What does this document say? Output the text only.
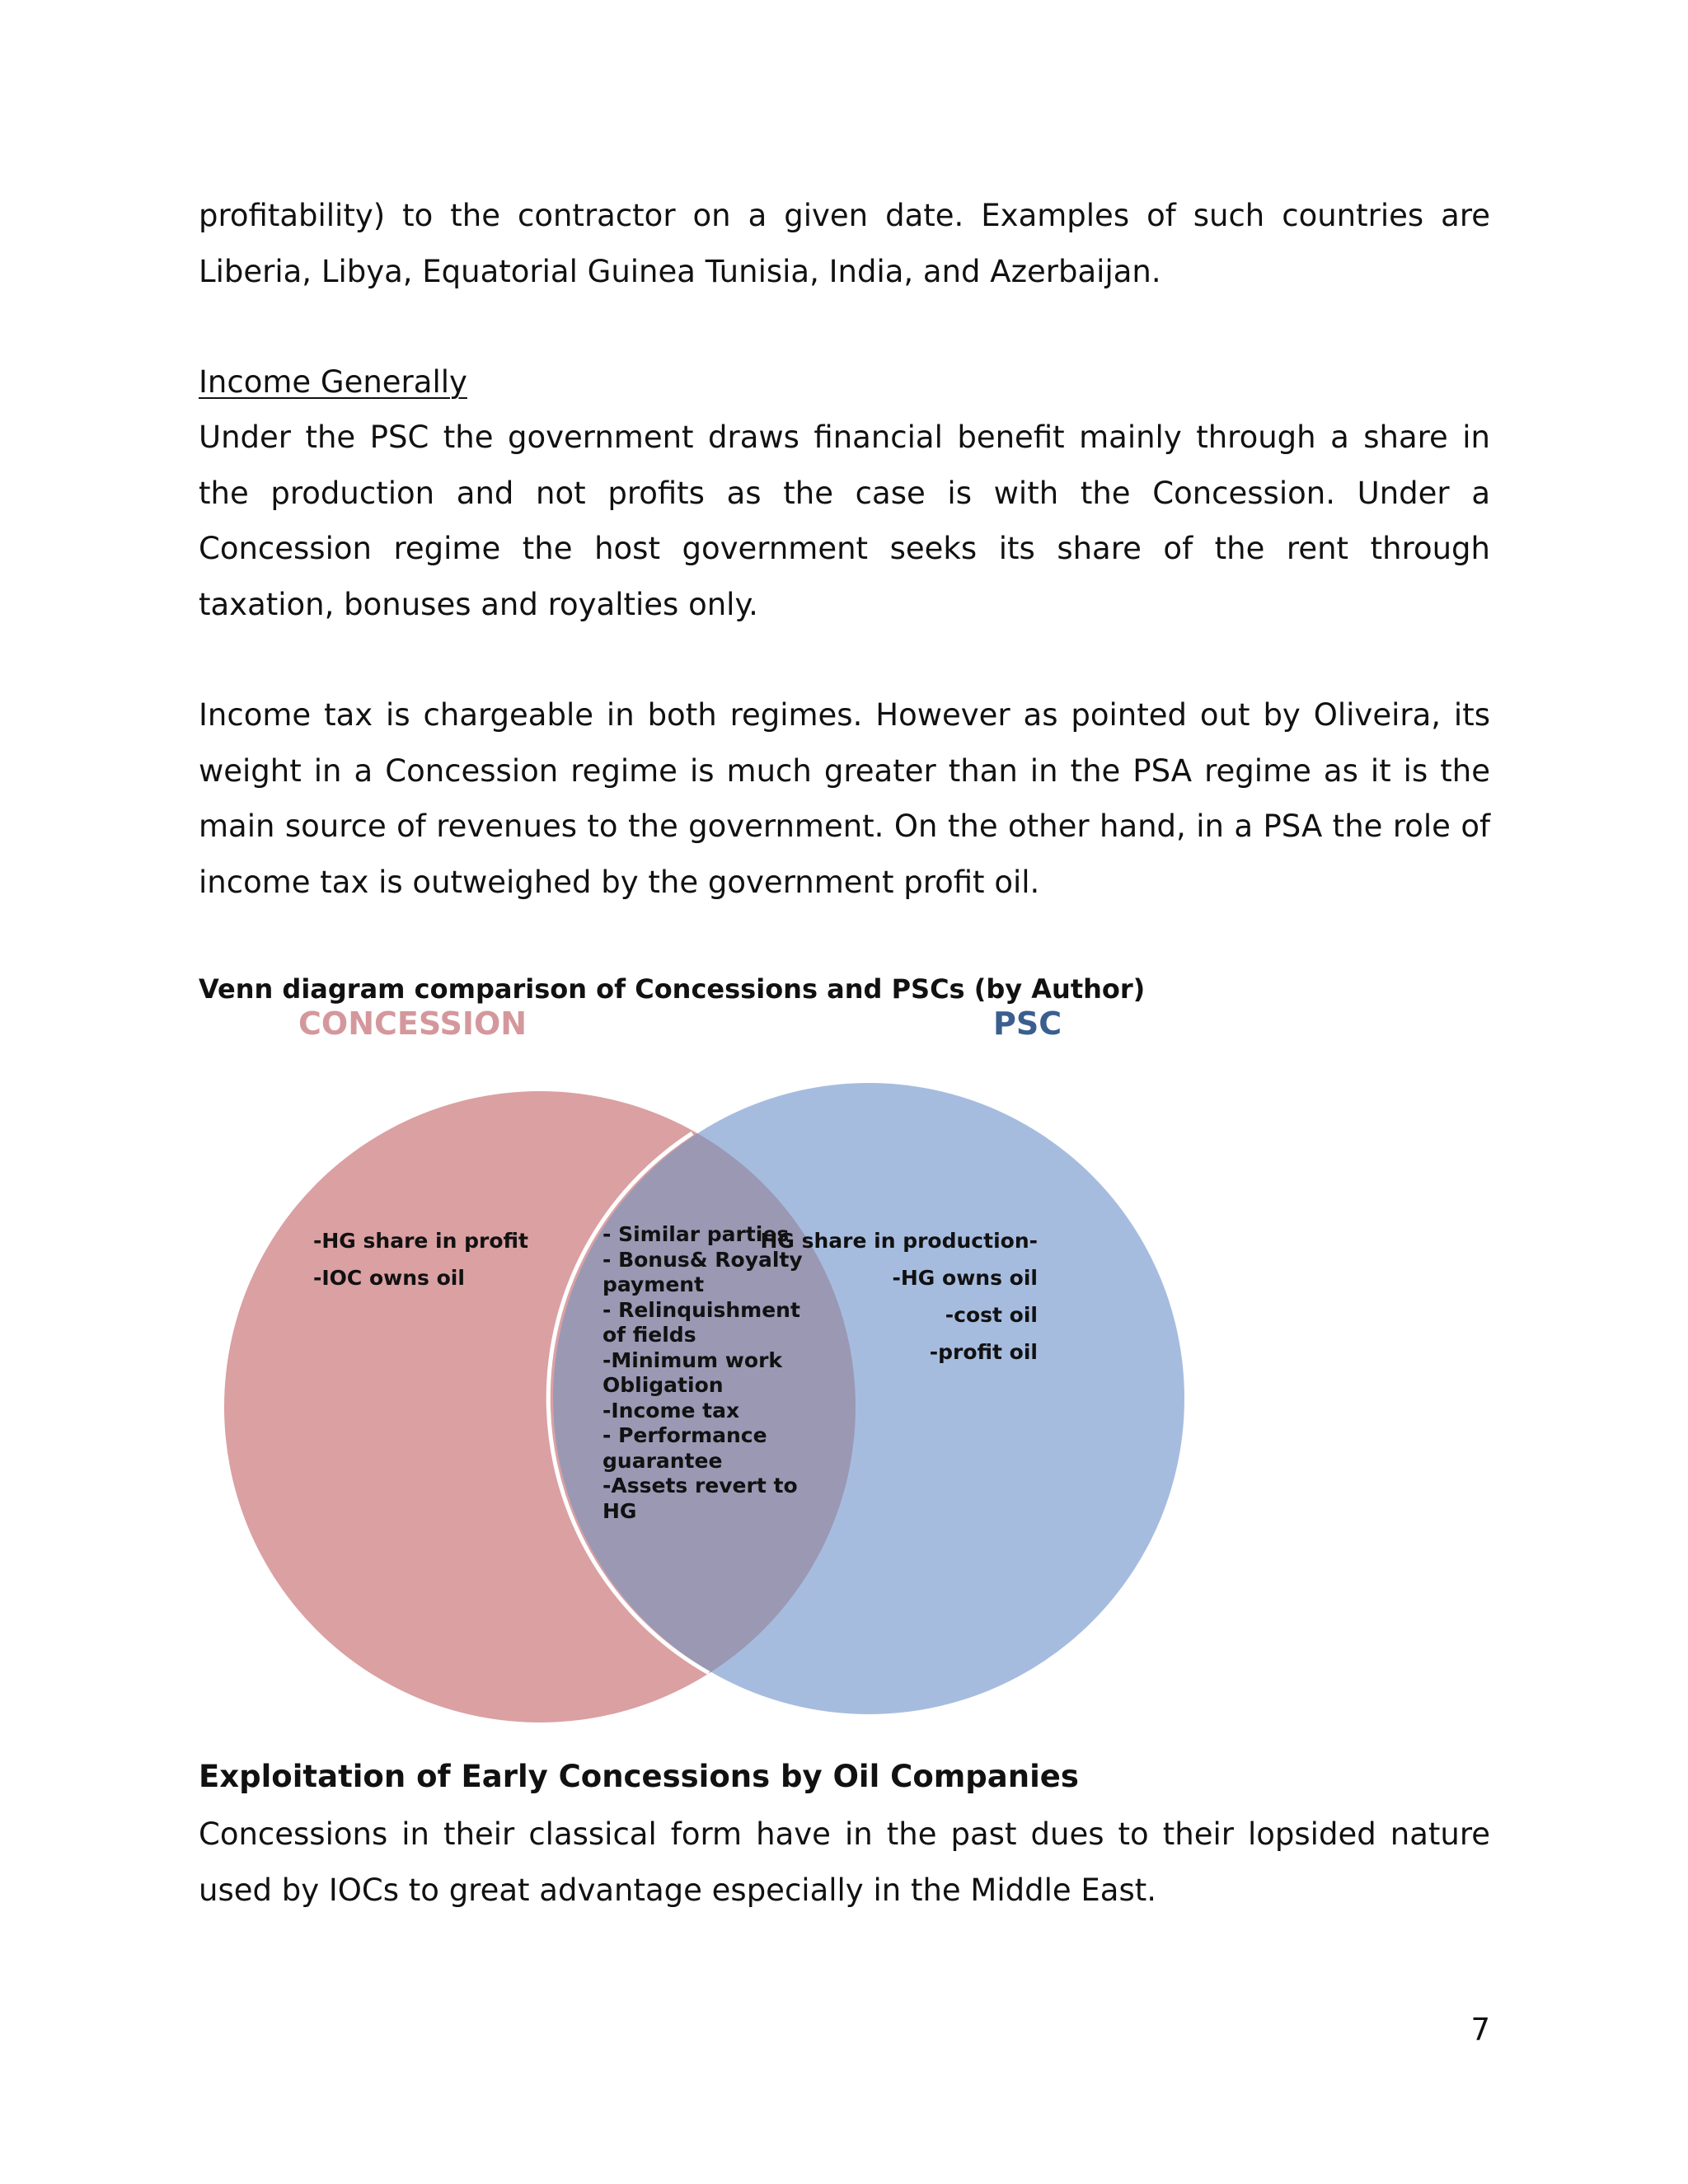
profitability) to the contractor on a given date. Examples of such countries are Liberia, Libya, Equatorial Guinea Tunisia, India, and Azerbaijan.

Income Generally

Under the PSC the government draws financial benefit mainly through a share in the production and not profits as the case is with the Concession. Under a Concession regime the host government seeks its share of the rent through taxation, bonuses and royalties only.

Income tax is chargeable in both regimes. However as pointed out by Oliveira, its weight in a Concession regime is much greater than in the PSA regime as it is the main source of revenues to the government. On the other hand, in a PSA the role of income tax is outweighed by the government profit oil.

Venn diagram comparison of Concessions and PSCs (by Author)
CONCESSION	PSC
-HG share in profit
-IOC owns oil
HG share in production-
-HG owns oil
-cost oil
-profit oil
- Similar parties
- Bonus& Royalty
payment
- Relinquishment
of fields
-Minimum work
Obligation
-Income tax
- Performance
guarantee
-Assets revert to
HG
Exploitation of Early Concessions by Oil Companies

Concessions in their classical form have in the past dues to their lopsided nature used by IOCs to great advantage especially in the Middle East.

7
